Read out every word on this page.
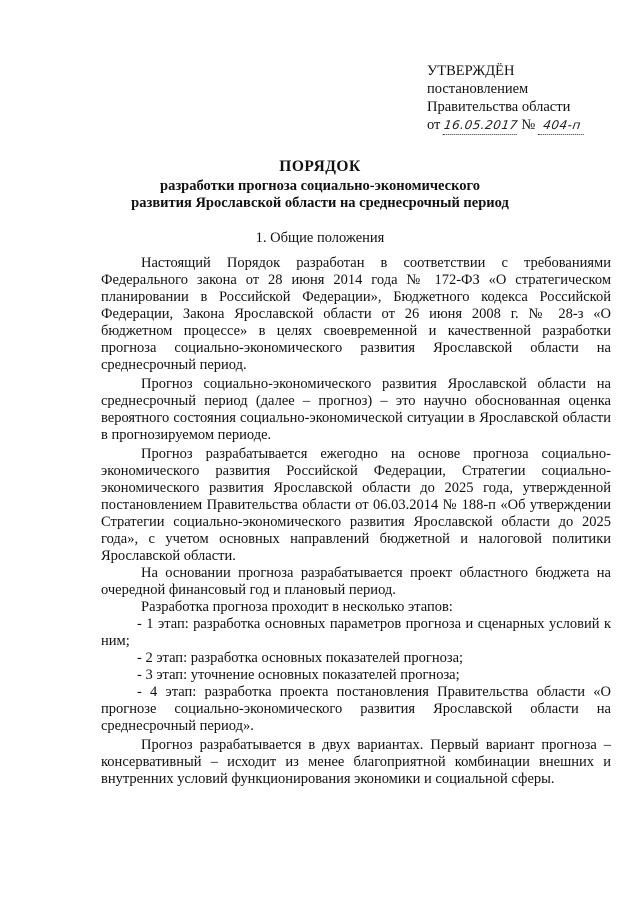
УТВЕРЖДЁН
постановлением
Правительства области
от 16.05.2017 № 404-п
ПОРЯДОК
разработки прогноза социально-экономического
развития Ярославской области на среднесрочный период
1. Общие положения

Настоящий Порядок разработан в соответствии с требованиями Федерального закона от 28 июня 2014 года № 172-ФЗ «О стратегическом планировании в Российской Федерации», Бюджетного кодекса Российской Федерации, Закона Ярославской области от 26 июня 2008 г. № 28-з «О бюджетном процессе» в целях своевременной и качественной разработки прогноза социально-экономического развития Ярославской области на среднесрочный период.

Прогноз социально-экономического развития Ярославской области на среднесрочный период (далее – прогноз) – это научно обоснованная оценка вероятного состояния социально-экономической ситуации в Ярославской области в прогнозируемом периоде.

Прогноз разрабатывается ежегодно на основе прогноза социально-экономического развития Российской Федерации, Стратегии социально-экономического развития Ярославской области до 2025 года, утвержденной постановлением Правительства области от 06.03.2014 № 188-п «Об утверждении Стратегии социально-экономического развития Ярославской области до 2025 года», с учетом основных направлений бюджетной и налоговой политики Ярославской области.

На основании прогноза разрабатывается проект областного бюджета на очередной финансовый год и плановый период.

Разработка прогноза проходит в несколько этапов:

- 1 этап: разработка основных параметров прогноза и сценарных условий к ним;

- 2 этап: разработка основных показателей прогноза;

- 3 этап: уточнение основных показателей прогноза;

- 4 этап: разработка проекта постановления Правительства области «О прогнозе социально-экономического развития Ярославской области на среднесрочный период».

Прогноз разрабатывается в двух вариантах. Первый вариант прогноза – консервативный – исходит из менее благоприятной комбинации внешних и внутренних условий функционирования экономики и социальной сферы.
